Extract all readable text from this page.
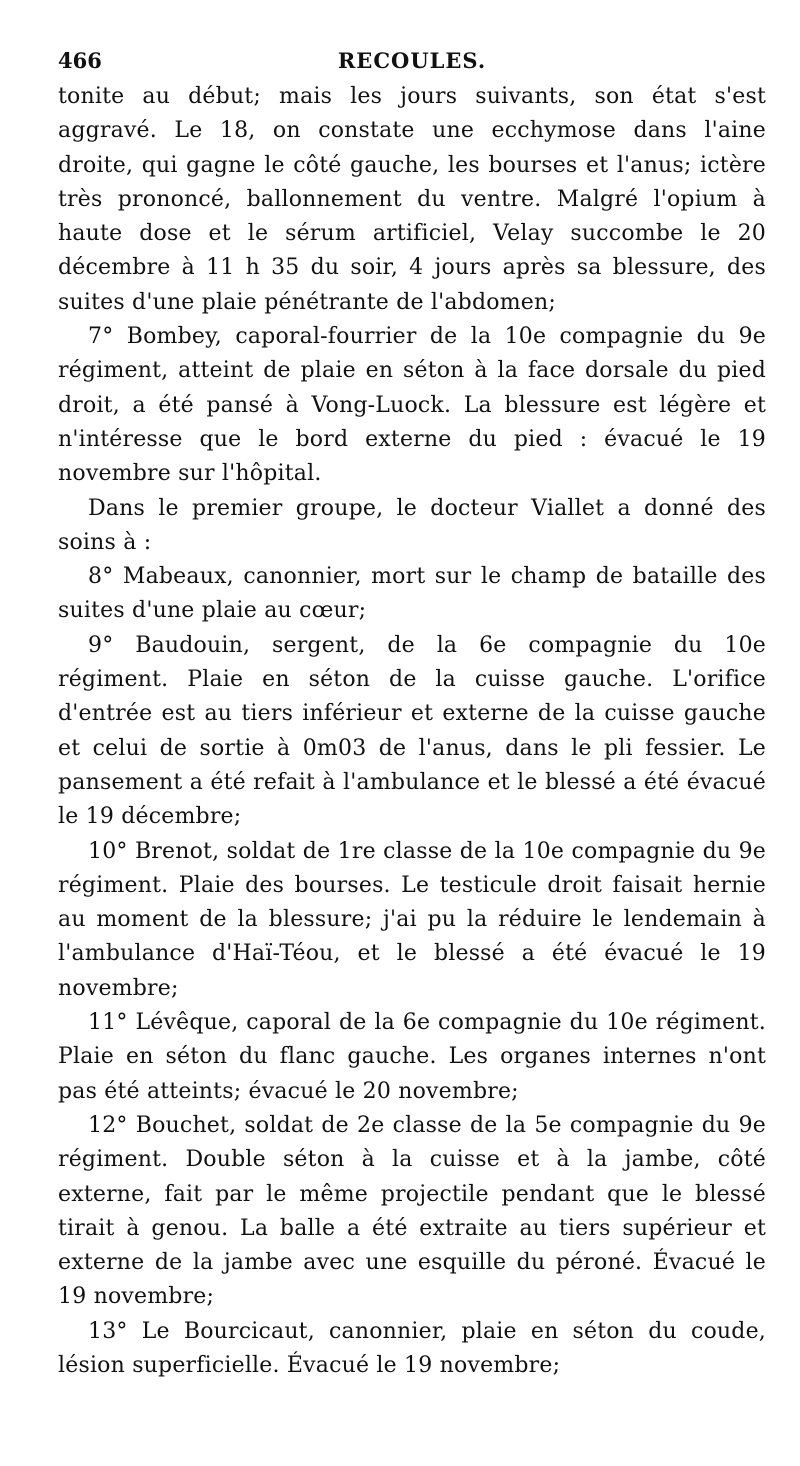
466	RECOULES.

tonite au début; mais les jours suivants, son état s'est aggravé. Le 18, on constate une ecchymose dans l'aine droite, qui gagne le côté gauche, les bourses et l'anus; ictère très prononcé, ballonnement du ventre. Malgré l'opium à haute dose et le sérum artificiel, Velay succombe le 20 décembre à 11 h 35 du soir, 4 jours après sa blessure, des suites d'une plaie pénétrante de l'abdomen;

7° Bombey, caporal-fourrier de la 10e compagnie du 9e régiment, atteint de plaie en séton à la face dorsale du pied droit, a été pansé à Vong-Luock. La blessure est légère et n'intéresse que le bord externe du pied : évacué le 19 novembre sur l'hôpital.

Dans le premier groupe, le docteur Viallet a donné des soins à :

8° Mabeaux, canonnier, mort sur le champ de bataille des suites d'une plaie au cœur;

9° Baudouin, sergent, de la 6e compagnie du 10e régiment. Plaie en séton de la cuisse gauche. L'orifice d'entrée est au tiers inférieur et externe de la cuisse gauche et celui de sortie à 0m03 de l'anus, dans le pli fessier. Le pansement a été refait à l'ambulance et le blessé a été évacué le 19 décembre;

10° Brenot, soldat de 1re classe de la 10e compagnie du 9e régiment. Plaie des bourses. Le testicule droit faisait hernie au moment de la blessure; j'ai pu la réduire le lendemain à l'ambulance d'Haï-Téou, et le blessé a été évacué le 19 novembre;

11° Lévêque, caporal de la 6e compagnie du 10e régiment. Plaie en séton du flanc gauche. Les organes internes n'ont pas été atteints; évacué le 20 novembre;

12° Bouchet, soldat de 2e classe de la 5e compagnie du 9e régiment. Double séton à la cuisse et à la jambe, côté externe, fait par le même projectile pendant que le blessé tirait à genou. La balle a été extraite au tiers supérieur et externe de la jambe avec une esquille du péroné. Évacué le 19 novembre;

13° Le Bourcicaut, canonnier, plaie en séton du coude, lésion superficielle. Évacué le 19 novembre;
